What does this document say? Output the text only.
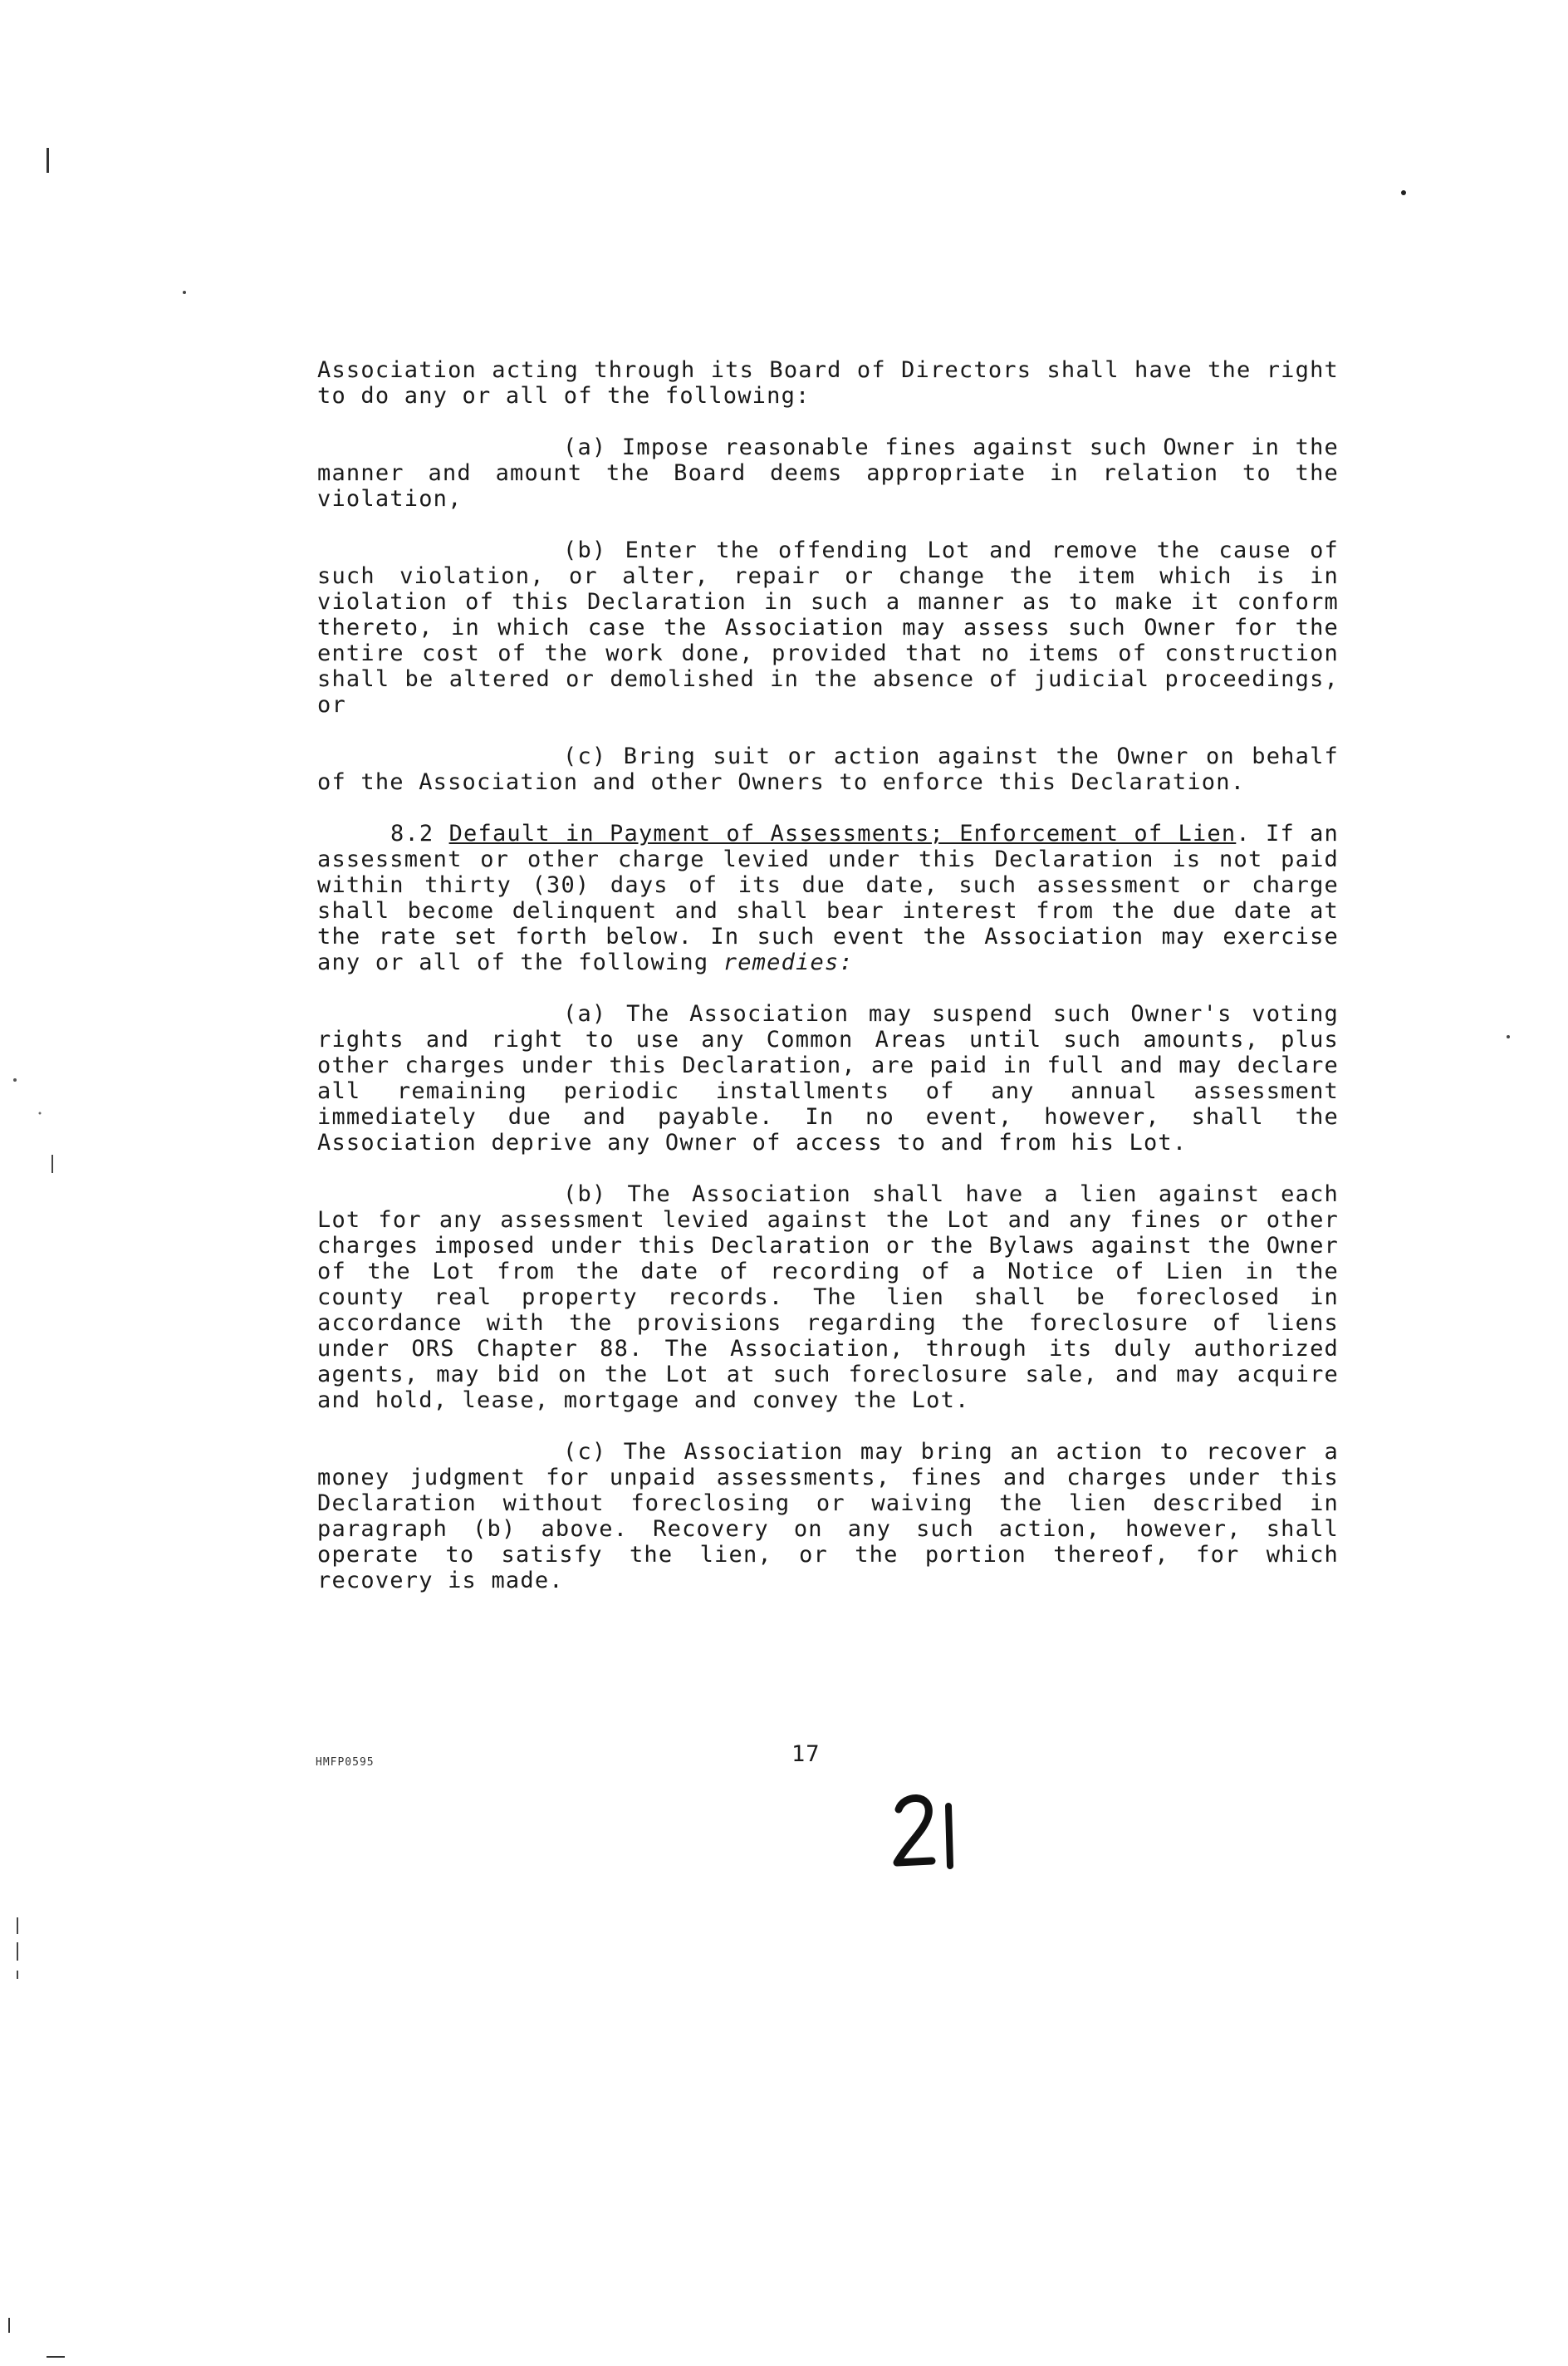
Association acting through its Board of Directors shall have the right to do any or all of the following:

(a) Impose reasonable fines against such Owner in the manner and amount the Board deems appropriate in relation to the violation,

(b) Enter the offending Lot and remove the cause of such violation, or alter, repair or change the item which is in violation of this Declaration in such a manner as to make it conform thereto, in which case the Association may assess such Owner for the entire cost of the work done, provided that no items of construction shall be altered or demolished in the absence of judicial proceedings, or

(c) Bring suit or action against the Owner on behalf of the Association and other Owners to enforce this Declaration.

8.2 Default in Payment of Assessments; Enforcement of Lien. If an assessment or other charge levied under this Declaration is not paid within thirty (30) days of its due date, such assessment or charge shall become delinquent and shall bear interest from the due date at the rate set forth below. In such event the Association may exercise any or all of the following remedies:

(a) The Association may suspend such Owner's voting rights and right to use any Common Areas until such amounts, plus other charges under this Declaration, are paid in full and may declare all remaining periodic installments of any annual assessment immediately due and payable. In no event, however, shall the Association deprive any Owner of access to and from his Lot.

(b) The Association shall have a lien against each Lot for any assessment levied against the Lot and any fines or other charges imposed under this Declaration or the Bylaws against the Owner of the Lot from the date of recording of a Notice of Lien in the county real property records. The lien shall be foreclosed in accordance with the provisions regarding the foreclosure of liens under ORS Chapter 88. The Association, through its duly authorized agents, may bid on the Lot at such foreclosure sale, and may acquire and hold, lease, mortgage and convey the Lot.

(c) The Association may bring an action to recover a money judgment for unpaid assessments, fines and charges under this Declaration without foreclosing or waiving the lien described in paragraph (b) above. Recovery on any such action, however, shall operate to satisfy the lien, or the portion thereof, for which recovery is made.

HMFP0595	17
